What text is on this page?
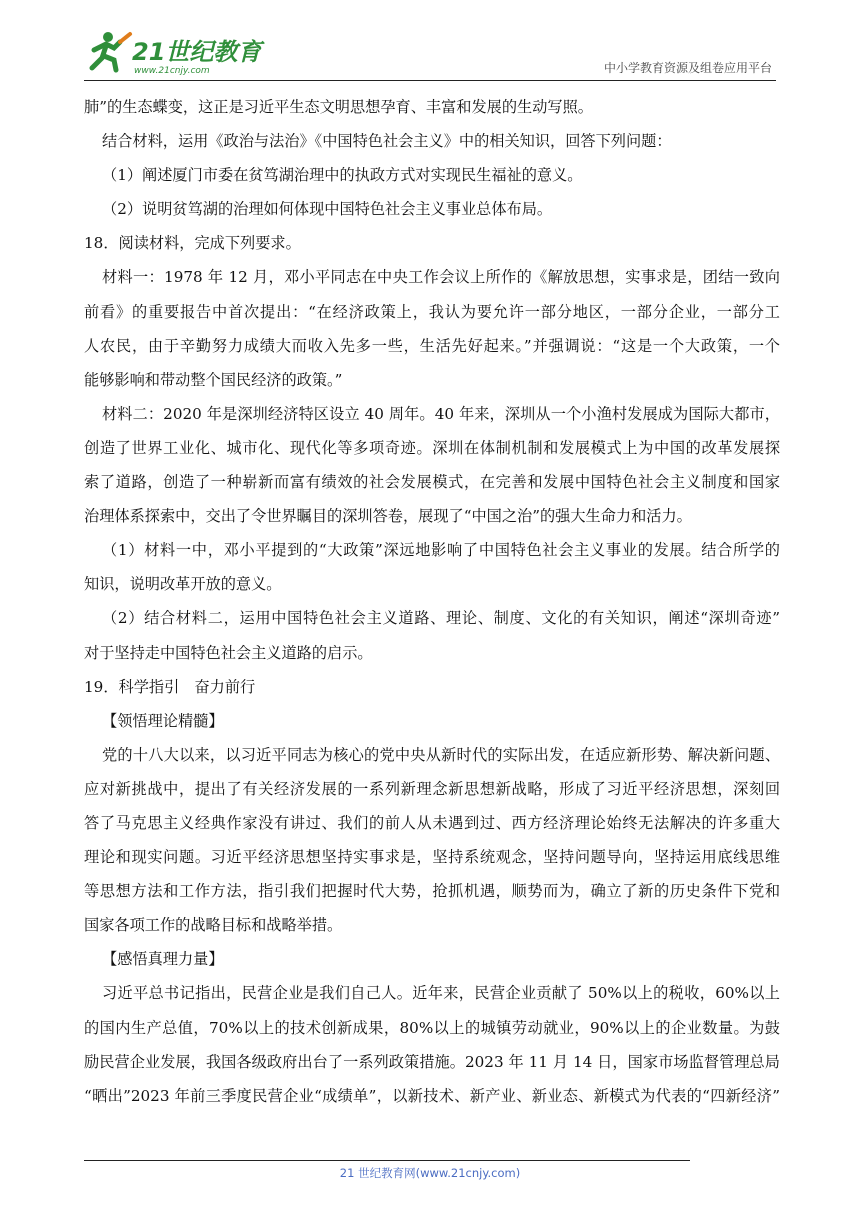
21世纪教育
www.21cnjy.com	中小学教育资源及组卷应用平台
肺”的生态蝶变，这正是习近平生态文明思想孕育、丰富和发展的生动写照。
结合材料，运用《政治与法治》《中国特色社会主义》中的相关知识，回答下列问题：
（1）阐述厦门市委在贫笃湖治理中的执政方式对实现民生福祉的意义。
（2）说明贫笃湖的治理如何体现中国特色社会主义事业总体布局。
18．阅读材料，完成下列要求。
材料一：1978 年 12 月，邓小平同志在中央工作会议上所作的《解放思想，实事求是，团结一致向
前看》的重要报告中首次提出：“在经济政策上，我认为要允许一部分地区，一部分企业，一部分工
人农民，由于辛勤努力成绩大而收入先多一些，生活先好起来。”并强调说：“这是一个大政策，一个
能够影响和带动整个国民经济的政策。”
材料二：2020 年是深圳经济特区设立 40 周年。40 年来，深圳从一个小渔村发展成为国际大都市，
创造了世界工业化、城市化、现代化等多项奇迹。深圳在体制机制和发展模式上为中国的改革发展探
索了道路，创造了一种崭新而富有绩效的社会发展模式，在完善和发展中国特色社会主义制度和国家
治理体系探索中，交出了令世界瞩目的深圳答卷，展现了“中国之治”的强大生命力和活力。
（1）材料一中，邓小平提到的“大政策”深远地影响了中国特色社会主义事业的发展。结合所学的
知识，说明改革开放的意义。
（2）结合材料二，运用中国特色社会主义道路、理论、制度、文化的有关知识，阐述“深圳奇迹”
对于坚持走中国特色社会主义道路的启示。
19．科学指引　奋力前行
【领悟理论精髓】
党的十八大以来，以习近平同志为核心的党中央从新时代的实际出发，在适应新形势、解决新问题、
应对新挑战中，提出了有关经济发展的一系列新理念新思想新战略，形成了习近平经济思想，深刻回
答了马克思主义经典作家没有讲过、我们的前人从未遇到过、西方经济理论始终无法解决的许多重大
理论和现实问题。习近平经济思想坚持实事求是，坚持系统观念，坚持问题导向，坚持运用底线思维
等思想方法和工作方法，指引我们把握时代大势，抢抓机遇，顺势而为，确立了新的历史条件下党和
国家各项工作的战略目标和战略举措。
【感悟真理力量】
习近平总书记指出，民营企业是我们自己人。近年来，民营企业贡献了 50%以上的税收，60%以上
的国内生产总值，70%以上的技术创新成果，80%以上的城镇劳动就业，90%以上的企业数量。为鼓
励民营企业发展，我国各级政府出台了一系列政策措施。2023 年 11 月 14 日，国家市场监督管理总局
“晒出”2023 年前三季度民营企业“成绩单”，以新技术、新产业、新业态、新模式为代表的“四新经济”
21 世纪教育网(www.21cnjy.com)
